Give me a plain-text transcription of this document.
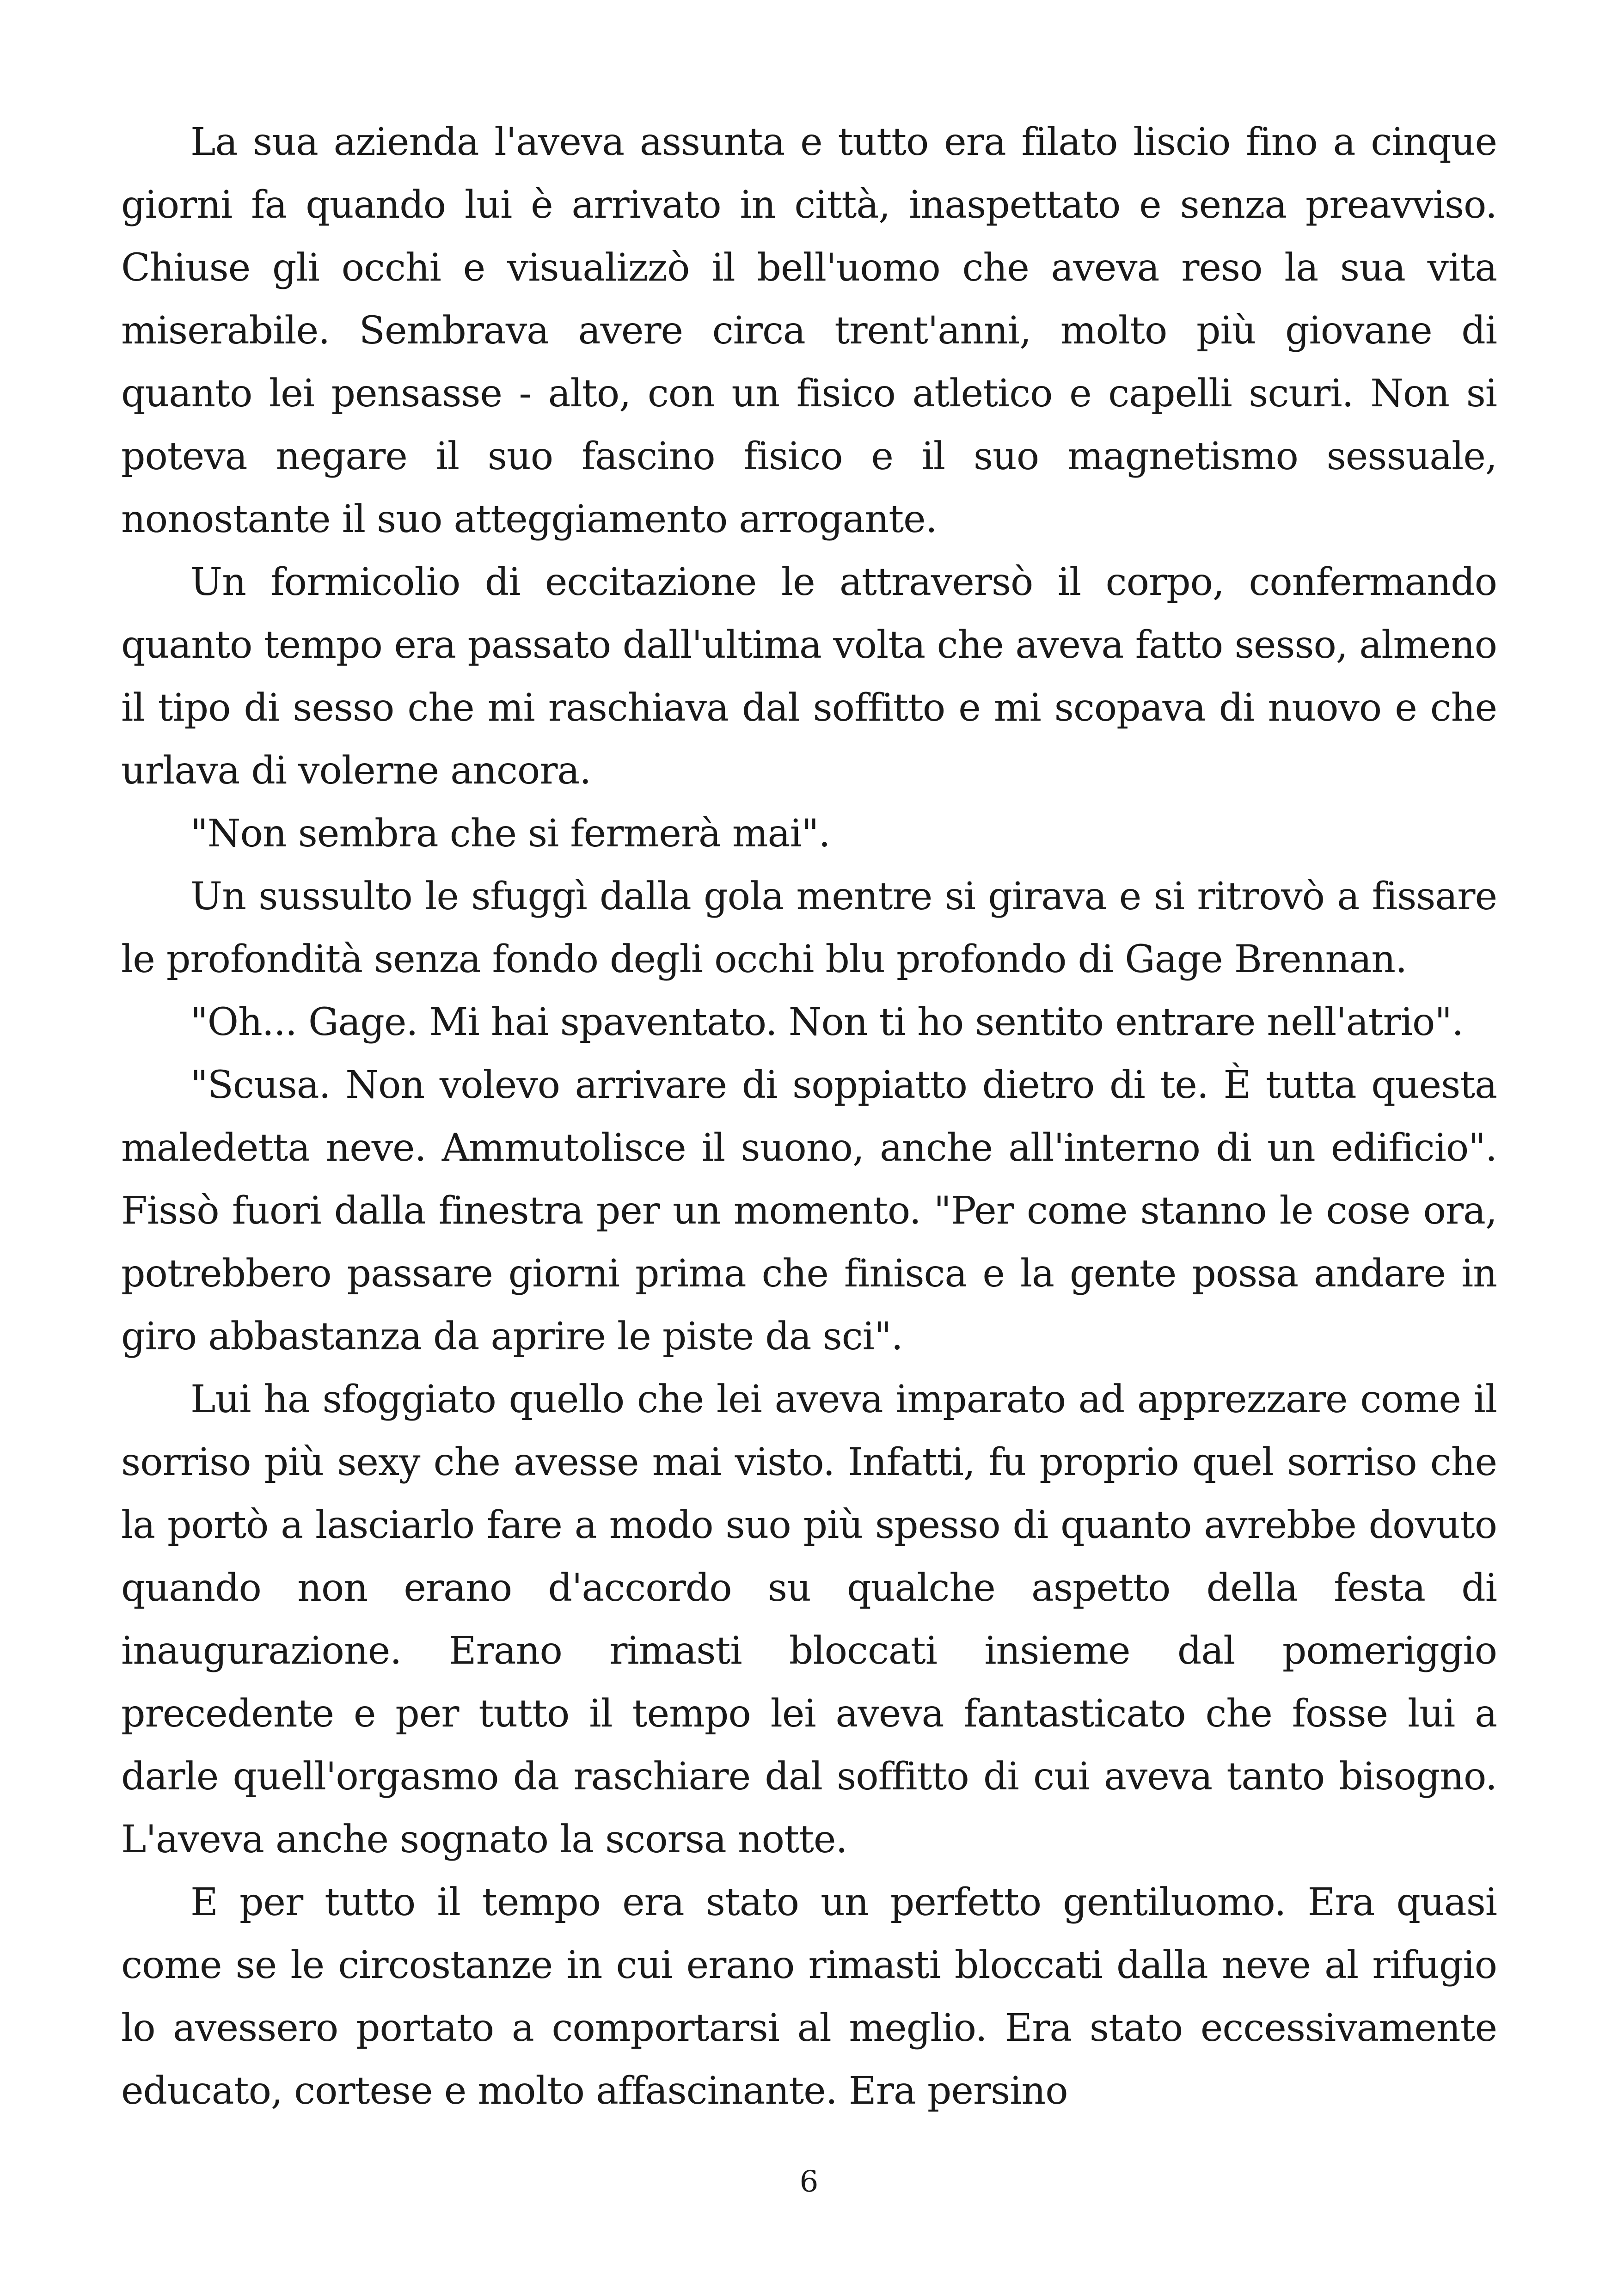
La sua azienda l'aveva assunta e tutto era filato liscio fino a cinque giorni fa quando lui è arrivato in città, inaspettato e senza preavviso. Chiuse gli occhi e visualizzò il bell'uomo che aveva reso la sua vita miserabile. Sembrava avere circa trent'anni, molto più giovane di quanto lei pensasse - alto, con un fisico atletico e capelli scuri. Non si poteva negare il suo fascino fisico e il suo magnetismo sessuale, nonostante il suo atteggiamento arrogante.

Un formicolio di eccitazione le attraversò il corpo, confermando quanto tempo era passato dall'ultima volta che aveva fatto sesso, almeno il tipo di sesso che mi raschiava dal soffitto e mi scopava di nuovo e che urlava di volerne ancora.

"Non sembra che si fermerà mai".

Un sussulto le sfuggì dalla gola mentre si girava e si ritrovò a fissare le profondità senza fondo degli occhi blu profondo di Gage Brennan.

"Oh... Gage. Mi hai spaventato. Non ti ho sentito entrare nell'atrio".

"Scusa. Non volevo arrivare di soppiatto dietro di te. È tutta questa maledetta neve. Ammutolisce il suono, anche all'interno di un edificio". Fissò fuori dalla finestra per un momento. "Per come stanno le cose ora, potrebbero passare giorni prima che finisca e la gente possa andare in giro abbastanza da aprire le piste da sci".

Lui ha sfoggiato quello che lei aveva imparato ad apprezzare come il sorriso più sexy che avesse mai visto. Infatti, fu proprio quel sorriso che la portò a lasciarlo fare a modo suo più spesso di quanto avrebbe dovuto quando non erano d'accordo su qualche aspetto della festa di inaugurazione. Erano rimasti bloccati insieme dal pomeriggio precedente e per tutto il tempo lei aveva fantasticato che fosse lui a darle quell'orgasmo da raschiare dal soffitto di cui aveva tanto bisogno. L'aveva anche sognato la scorsa notte.

E per tutto il tempo era stato un perfetto gentiluomo. Era quasi come se le circostanze in cui erano rimasti bloccati dalla neve al rifugio lo avessero portato a comportarsi al meglio. Era stato eccessivamente educato, cortese e molto affascinante. Era persino

6
